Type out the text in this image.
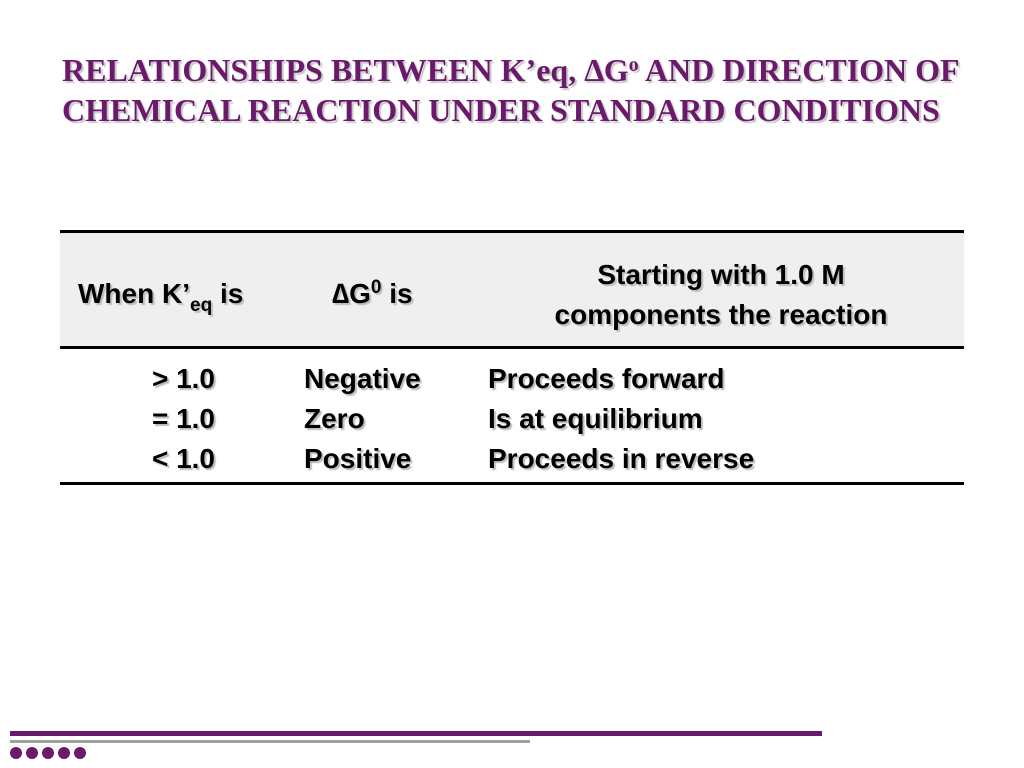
RELATIONSHIPS BETWEEN K’eq, $\Delta G^o$ AND DIRECTION OF CHEMICAL REACTION UNDER STANDARD CONDITIONS
When $K’_{eq}$ is	$\Delta G^0$ is
Starting with 1.0 M components the reaction
> 1.0
= 1.0
< 1.0
Negative
Zero
Positive
Proceeds forward
Is at equilibrium
Proceeds in reverse
